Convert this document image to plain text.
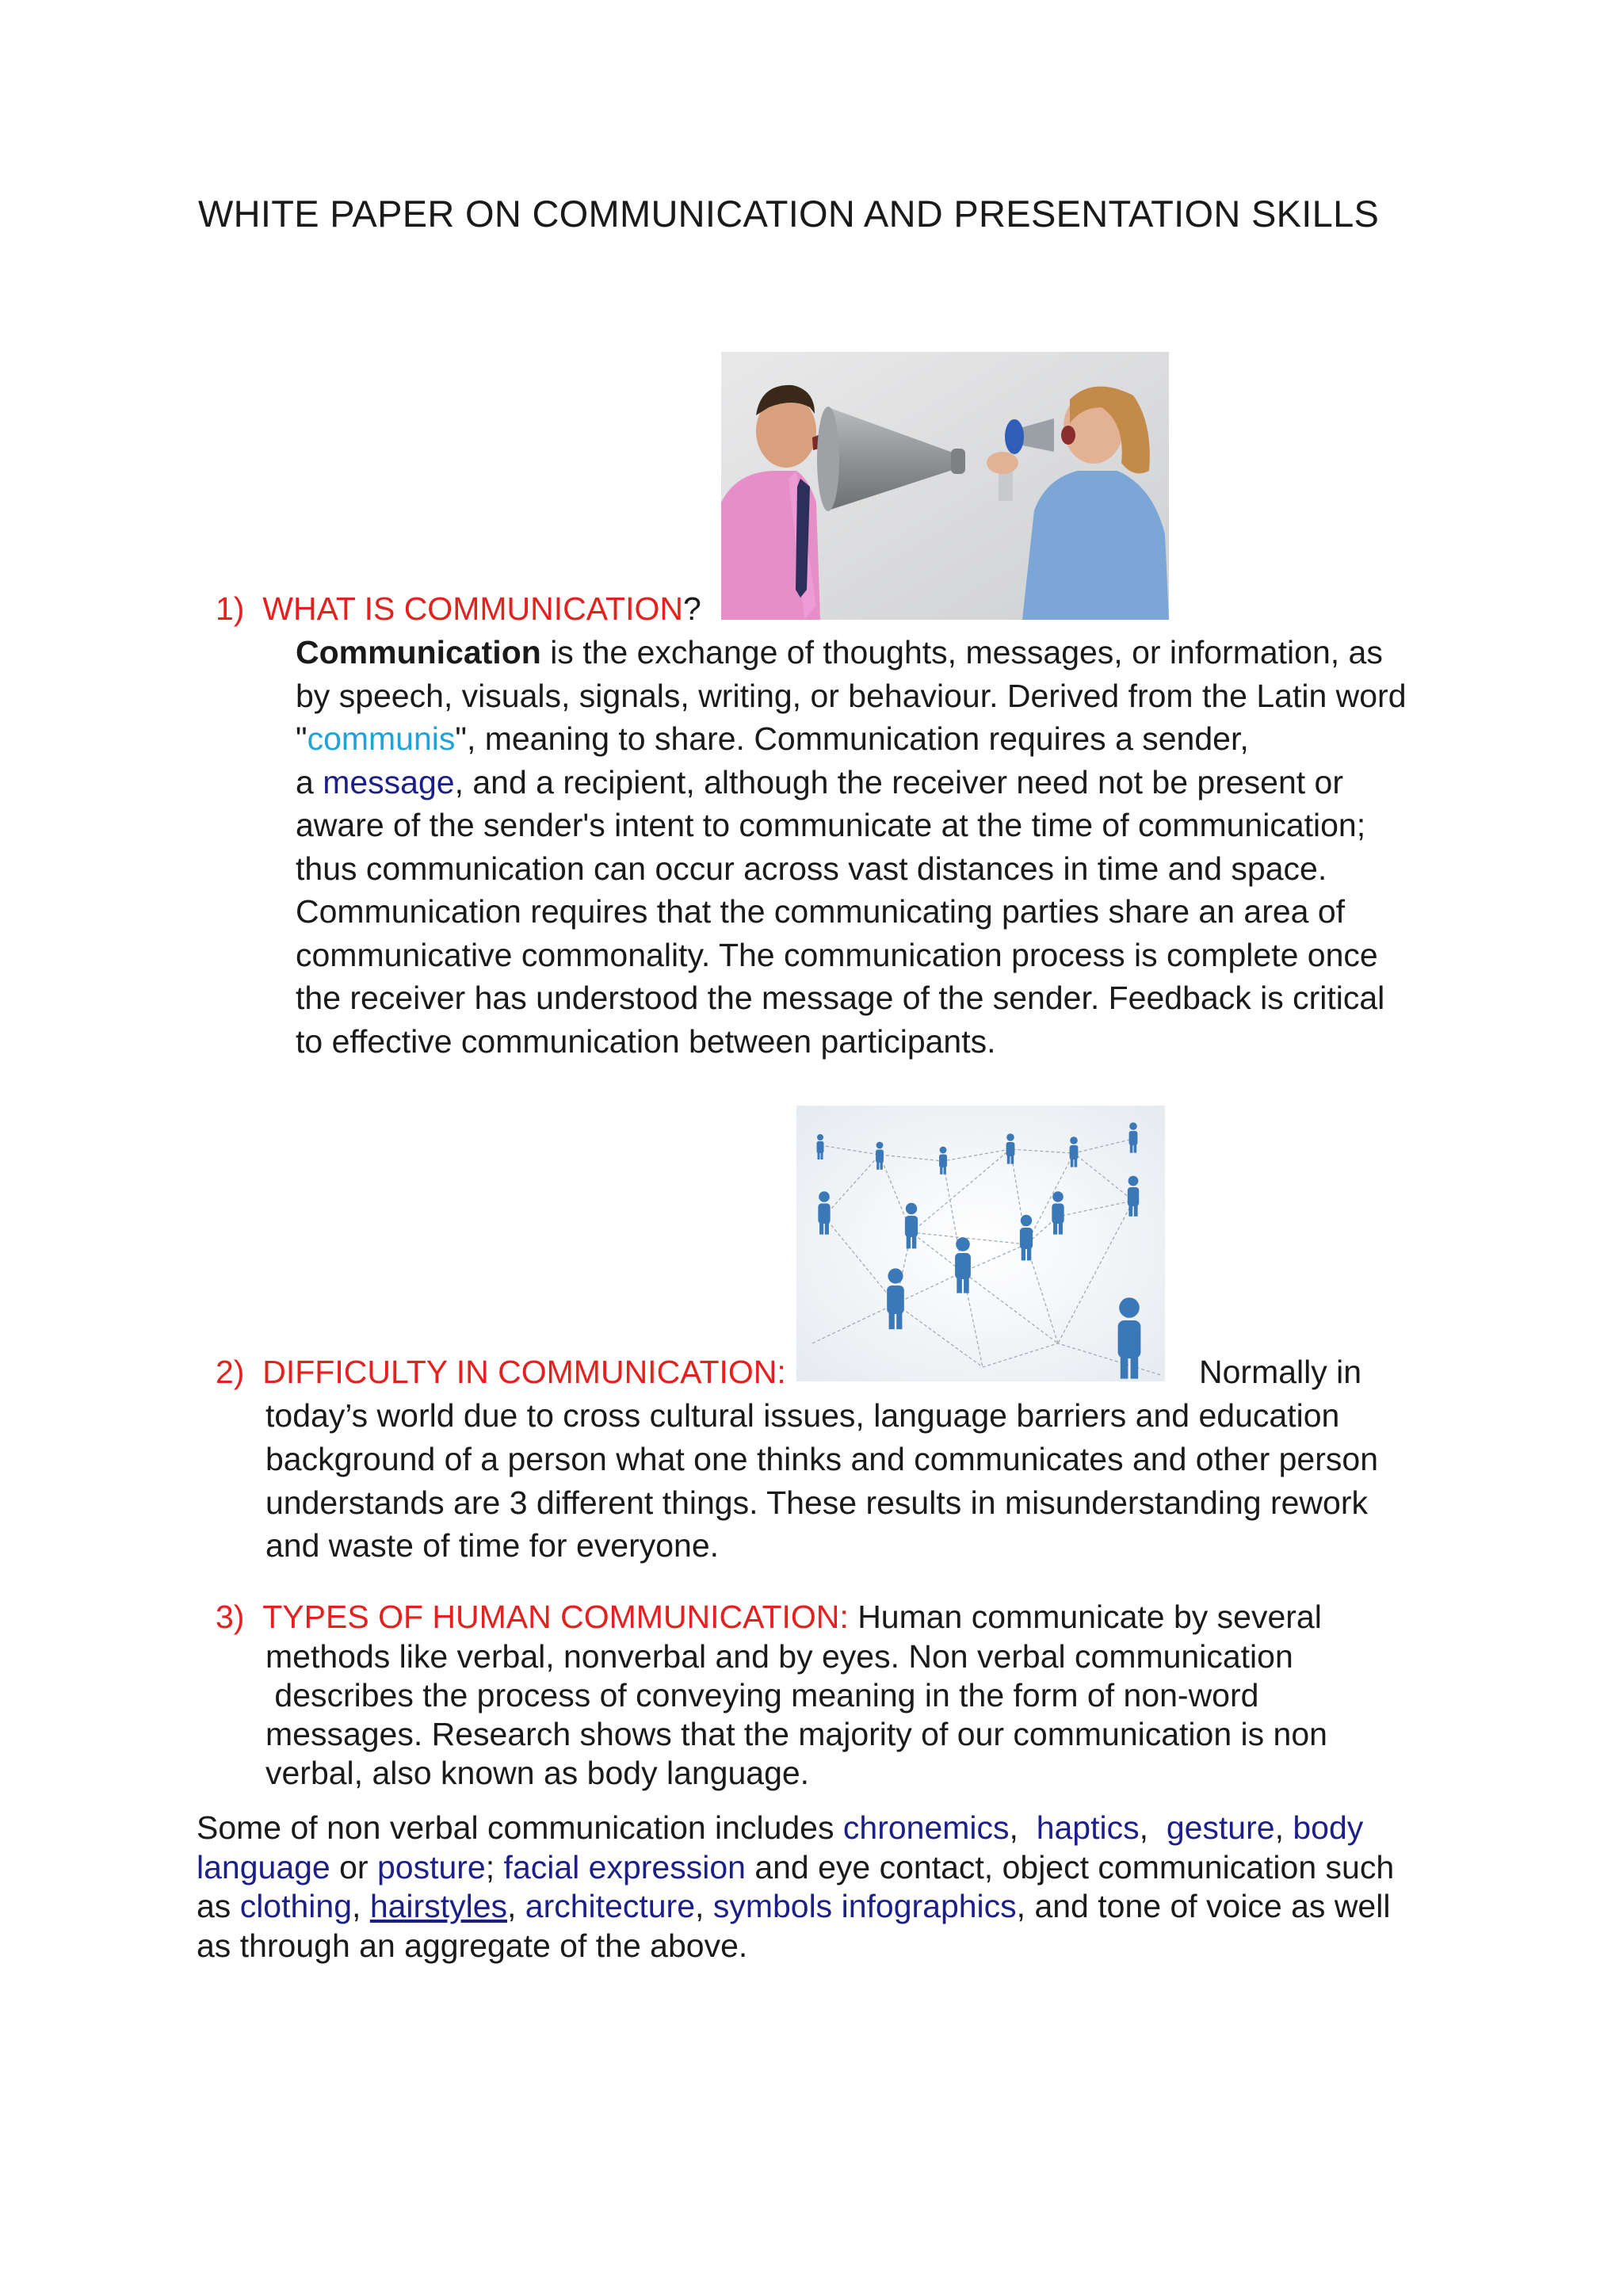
WHITE PAPER ON COMMUNICATION AND PRESENTATION SKILLS
1) WHAT IS COMMUNICATION?
Communication is the exchange of thoughts, messages, or information, as
by speech, visuals, signals, writing, or behaviour. Derived from the Latin word
"communis", meaning to share. Communication requires a sender,
a message, and a recipient, although the receiver need not be present or
aware of the sender's intent to communicate at the time of communication;
thus communication can occur across vast distances in time and space.
Communication requires that the communicating parties share an area of
communicative commonality. The communication process is complete once
the receiver has understood the message of the sender. Feedback is critical
to effective communication between participants.
2) DIFFICULTY IN COMMUNICATION:	Normally in
today’s world due to cross cultural issues, language barriers and education
background of a person what one thinks and communicates and other person
understands are 3 different things. These results in misunderstanding rework
and waste of time for everyone.
3) TYPES OF HUMAN COMMUNICATION: Human communicate by several
methods like verbal, nonverbal and by eyes. Non verbal communication
describes the process of conveying meaning in the form of non-word
messages. Research shows that the majority of our communication is non
verbal, also known as body language.
Some of non verbal communication includes chronemics,  haptics,  gesture, body
language or posture; facial expression and eye contact, object communication such
as clothing, hairstyles, architecture, symbols infographics, and tone of voice as well
as through an aggregate of the above.
